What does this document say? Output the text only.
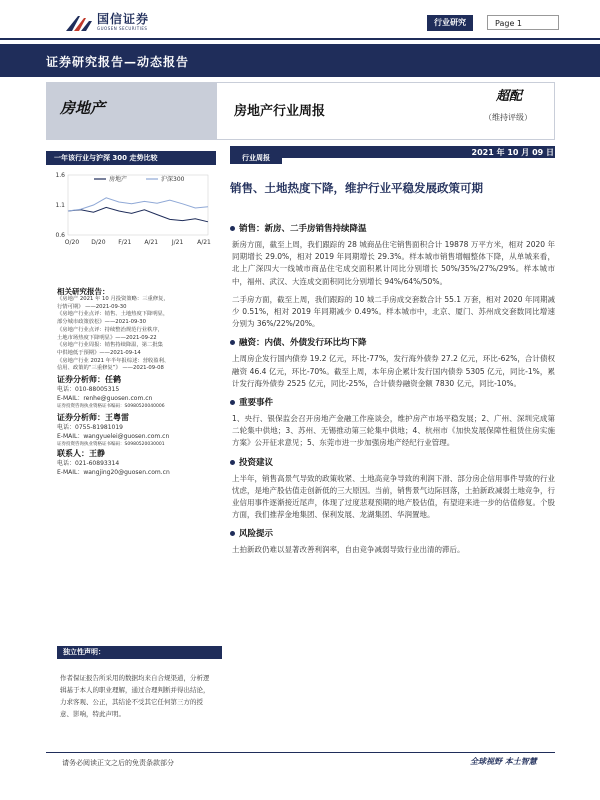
国信证券
GUOSEN SECURITIES
行业研究	Page 1
证券研究报告—动态报告
房地产	房地产行业周报
超配
（维持评级）
2021 年 10 月 09 日
一年该行业与沪深 300 走势比较
0.6
1.1
1.6
O/20 D/20 F/21 A/21 J/21 A/21
房地产	沪深300
相关研究报告：
《房地产 2021 年 10 月投资策略：三重修复，
行情可期》 ——2021-09-30
《房地产行业点评：销售、土地热度下降明显，
部分城市政策放松》——2021-09-30
《房地产行业点评：持续整治规范行业秩序，
土地市场热度下降明显》——2021-09-22
《房地产行业周报：销售持续降温，第二批集
中供地低于预期》——2021-09-14
《房地产行业 2021 年半年报综述：营收盈利、
信用、政策的“三重修复”》 ——2021-09-08
证券分析师：任鹤
电话：010-88005315
E-MAIL：renhe@guosen.com.cn
证券投资咨询执业资格证书编码：S0980520040006
证券分析师：王粤雷
电话：0755-81981019
E-MAIL：wangyuelei@guosen.com.cn
证券投资咨询执业资格证书编码：S0980520030001
联系人：王静
电话：021-60893314
E-MAIL：wangjing20@guosen.com.cn
独立性声明：
作者保证报告所采用的数据均来自合规渠道，分析逻辑基于本人的职业理解，通过合理判断并得出结论，力求客观、公正，其结论不受其它任何第三方的授意、影响，特此声明。
行业周报
销售、土地热度下降，维护行业平稳发展政策可期
销售：新房、二手房销售持续降温

新房方面，截至上周，我们跟踪的 28 城商品住宅销售面积合计 19878 万平方米，相对 2020 年同期增长 29.0%，相对 2019 年同期增长 29.3%。样本城市销售增幅整体下降，从单城来看，北上广深四大一线城市商品住宅成交面积累计同比分别增长 50%/35%/27%/29%。样本城市中，福州、武汉、大连成交面积同比分别增长 94%/64%/50%。

二手房方面，截至上周，我们跟踪的 10 城二手房成交套数合计 55.1 万套，相对 2020 年同期减少 0.51%，相对 2019 年同期减少 0.49%。样本城市中，北京、厦门、苏州成交套数同比增速分别为 36%/22%/20%。

融资：内债、外债发行环比均下降

上周房企发行国内债券 19.2 亿元，环比-77%，发行海外债券 27.2 亿元，环比-62%，合计债权融资 46.4 亿元，环比-70%。截至上周，本年房企累计发行国内债券 5305 亿元，同比-1%，累计发行海外债券 2525 亿元，同比-25%，合计债券融资金额 7830 亿元，同比-10%。

重要事件

1、央行、银保监会召开房地产金融工作座谈会，维护房产市场平稳发展；2、广州、深圳完成第二轮集中供地；3、苏州、无锡推动第三轮集中供地；4、杭州市《加快发展保障性租赁住房实施方案》公开征求意见；5、东莞市进一步加强房地产经纪行业管理。

投资建议

上半年，销售高景气导致的政策收紧、土地高竞争导致的利润下滑、部分房企信用事件导致的行业忧虑，是地产股估值走创新低的三大原因。当前，销售景气边际回落，土拍新政减弱土地竞争，行业信用事件逐渐接近尾声，体现了过度悲观预期的地产股估值，有望迎来进一步的估值修复。个股方面，我们推荐金地集团、保利发展、龙湖集团、华润置地。

风险提示

土拍新政仍难以显著改善利润率，自由竞争减弱导致行业出清的滞后。

请务必阅读正文之后的免责条款部分	全球视野 本土智慧
